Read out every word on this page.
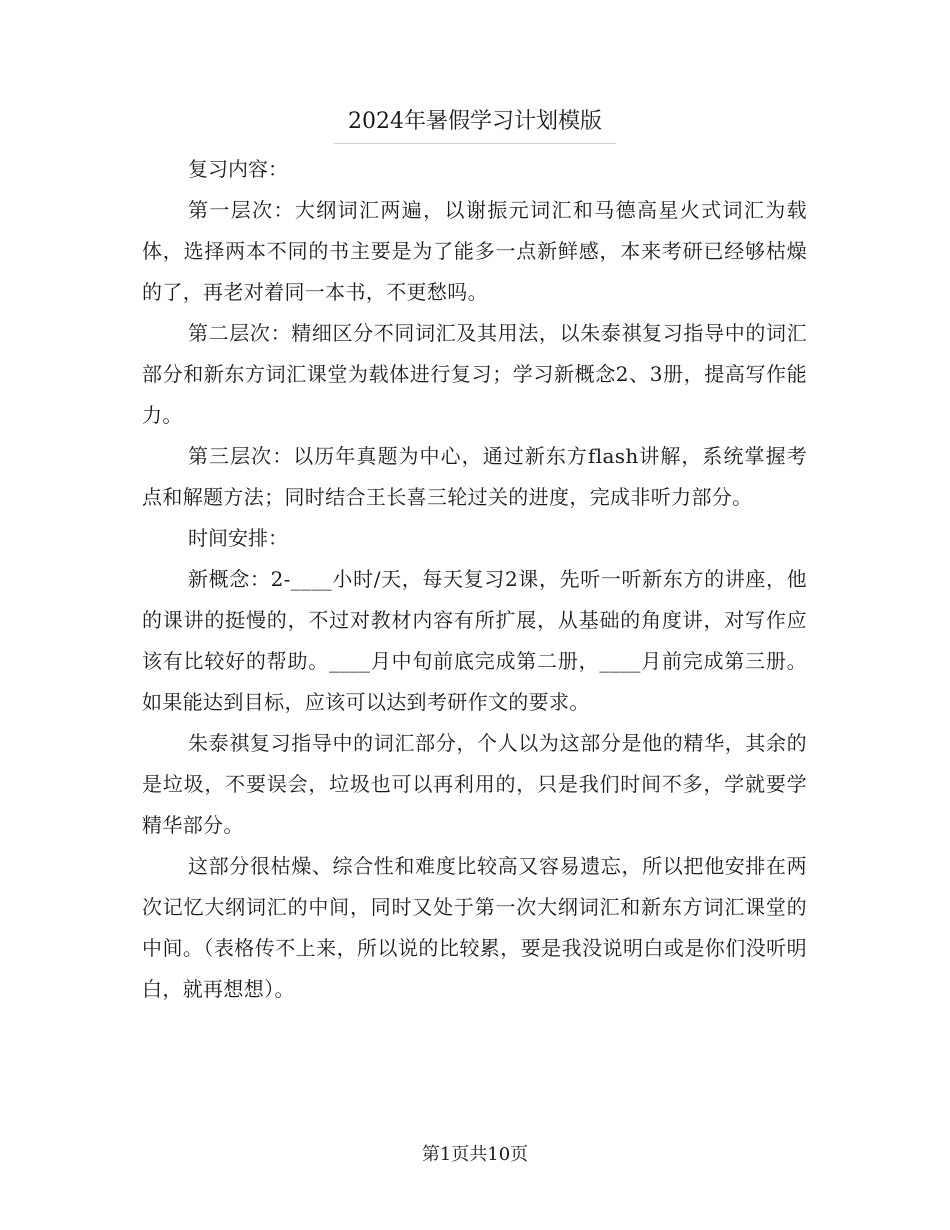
2024年暑假学习计划模版

复习内容：

第一层次：大纲词汇两遍，以谢振元词汇和马德高星火式词汇为载体，选择两本不同的书主要是为了能多一点新鲜感，本来考研已经够枯燥的了，再老对着同一本书，不更愁吗。

第二层次：精细区分不同词汇及其用法，以朱泰祺复习指导中的词汇部分和新东方词汇课堂为载体进行复习；学习新概念2、3册，提高写作能力。

第三层次：以历年真题为中心，通过新东方flash讲解，系统掌握考点和解题方法；同时结合王长喜三轮过关的进度，完成非听力部分。

时间安排：

新概念：2-____小时/天，每天复习2课，先听一听新东方的讲座，他的课讲的挺慢的，不过对教材内容有所扩展，从基础的角度讲，对写作应该有比较好的帮助。____月中旬前底完成第二册，____月前完成第三册。如果能达到目标，应该可以达到考研作文的要求。

朱泰祺复习指导中的词汇部分，个人以为这部分是他的精华，其余的是垃圾，不要误会，垃圾也可以再利用的，只是我们时间不多，学就要学精华部分。

这部分很枯燥、综合性和难度比较高又容易遗忘，所以把他安排在两次记忆大纲词汇的中间，同时又处于第一次大纲词汇和新东方词汇课堂的中间。（表格传不上来，所以说的比较累，要是我没说明白或是你们没听明白，就再想想）。

第1页共10页
